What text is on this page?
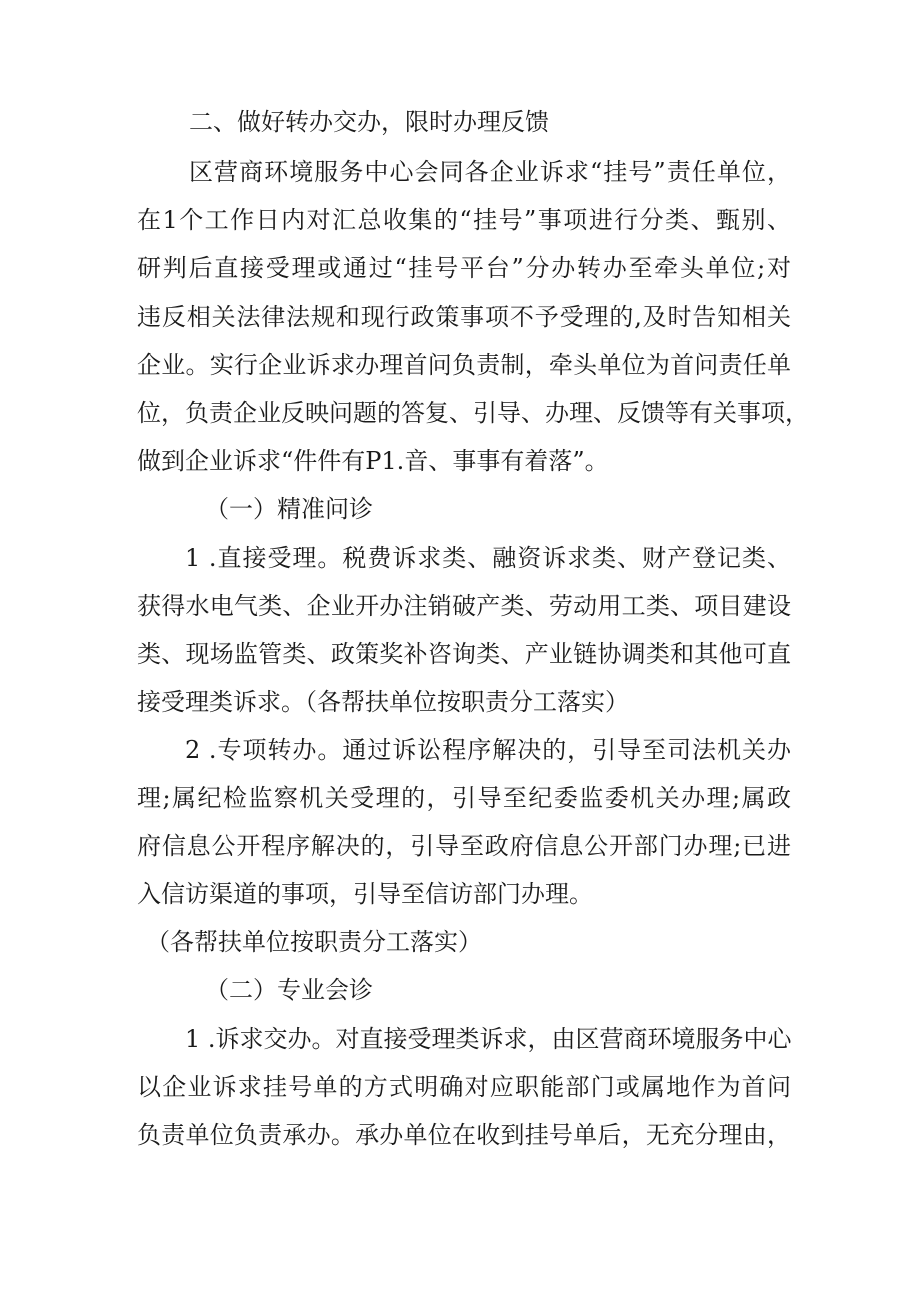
二、做好转办交办，限时办理反馈
区营商环境服务中心会同各企业诉求“挂号”责任单位，
在1个工作日内对汇总收集的“挂号”事项进行分类、甄别、
研判后直接受理或通过“挂号平台”分办转办至牵头单位;对
违反相关法律法规和现行政策事项不予受理的,及时告知相关
企业。实行企业诉求办理首问负责制，牵头单位为首问责任单
位，负责企业反映问题的答复、引导、办理、反馈等有关事项，
做到企业诉求“件件有P1.音、事事有着落”。
（一）精准问诊
1 .直接受理。税费诉求类、融资诉求类、财产登记类、
获得水电气类、企业开办注销破产类、劳动用工类、项目建设
类、现场监管类、政策奖补咨询类、产业链协调类和其他可直
接受理类诉求。（各帮扶单位按职责分工落实）
2 .专项转办。通过诉讼程序解决的，引导至司法机关办
理;属纪检监察机关受理的，引导至纪委监委机关办理;属政
府信息公开程序解决的，引导至政府信息公开部门办理;已进
入信访渠道的事项，引导至信访部门办理。
（各帮扶单位按职责分工落实）
（二）专业会诊
1 .诉求交办。对直接受理类诉求，由区营商环境服务中心
以企业诉求挂号单的方式明确对应职能部门或属地作为首问
负责单位负责承办。承办单位在收到挂号单后，无充分理由，
